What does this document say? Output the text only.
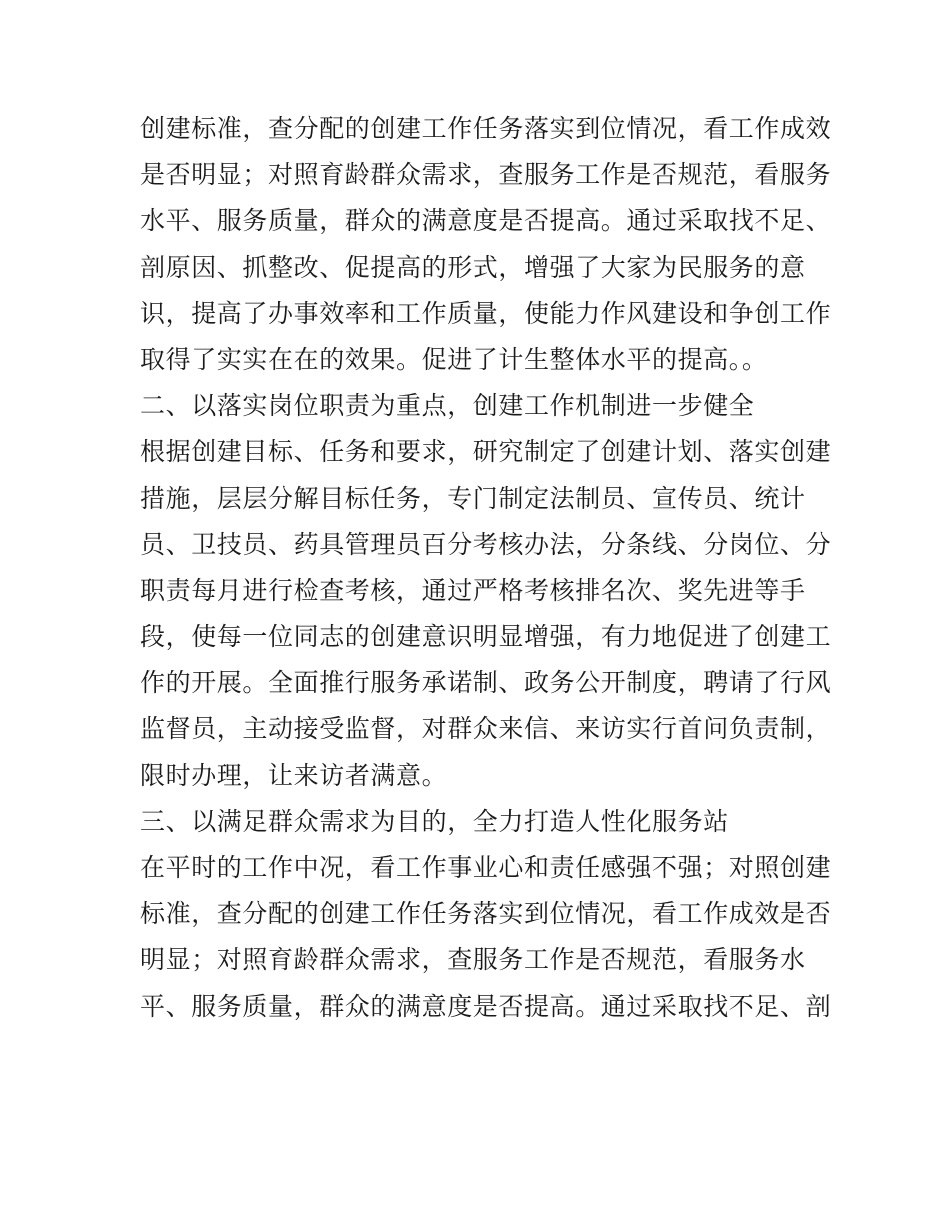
创建标准，查分配的创建工作任务落实到位情况，看工作成效
是否明显；对照育龄群众需求，查服务工作是否规范，看服务
水平、服务质量，群众的满意度是否提高。通过采取找不足、
剖原因、抓整改、促提高的形式，增强了大家为民服务的意
识，提高了办事效率和工作质量，使能力作风建设和争创工作
取得了实实在在的效果。促进了计生整体水平的提高。。
二、以落实岗位职责为重点，创建工作机制进一步健全
根据创建目标、任务和要求，研究制定了创建计划、落实创建
措施，层层分解目标任务，专门制定法制员、宣传员、统计
员、卫技员、药具管理员百分考核办法，分条线、分岗位、分
职责每月进行检查考核，通过严格考核排名次、奖先进等手
段，使每一位同志的创建意识明显增强，有力地促进了创建工
作的开展。全面推行服务承诺制、政务公开制度，聘请了行风
监督员，主动接受监督，对群众来信、来访实行首问负责制，
限时办理，让来访者满意。
三、以满足群众需求为目的，全力打造人性化服务站
在平时的工作中况，看工作事业心和责任感强不强；对照创建
标准，查分配的创建工作任务落实到位情况，看工作成效是否
明显；对照育龄群众需求，查服务工作是否规范，看服务水
平、服务质量，群众的满意度是否提高。通过采取找不足、剖
